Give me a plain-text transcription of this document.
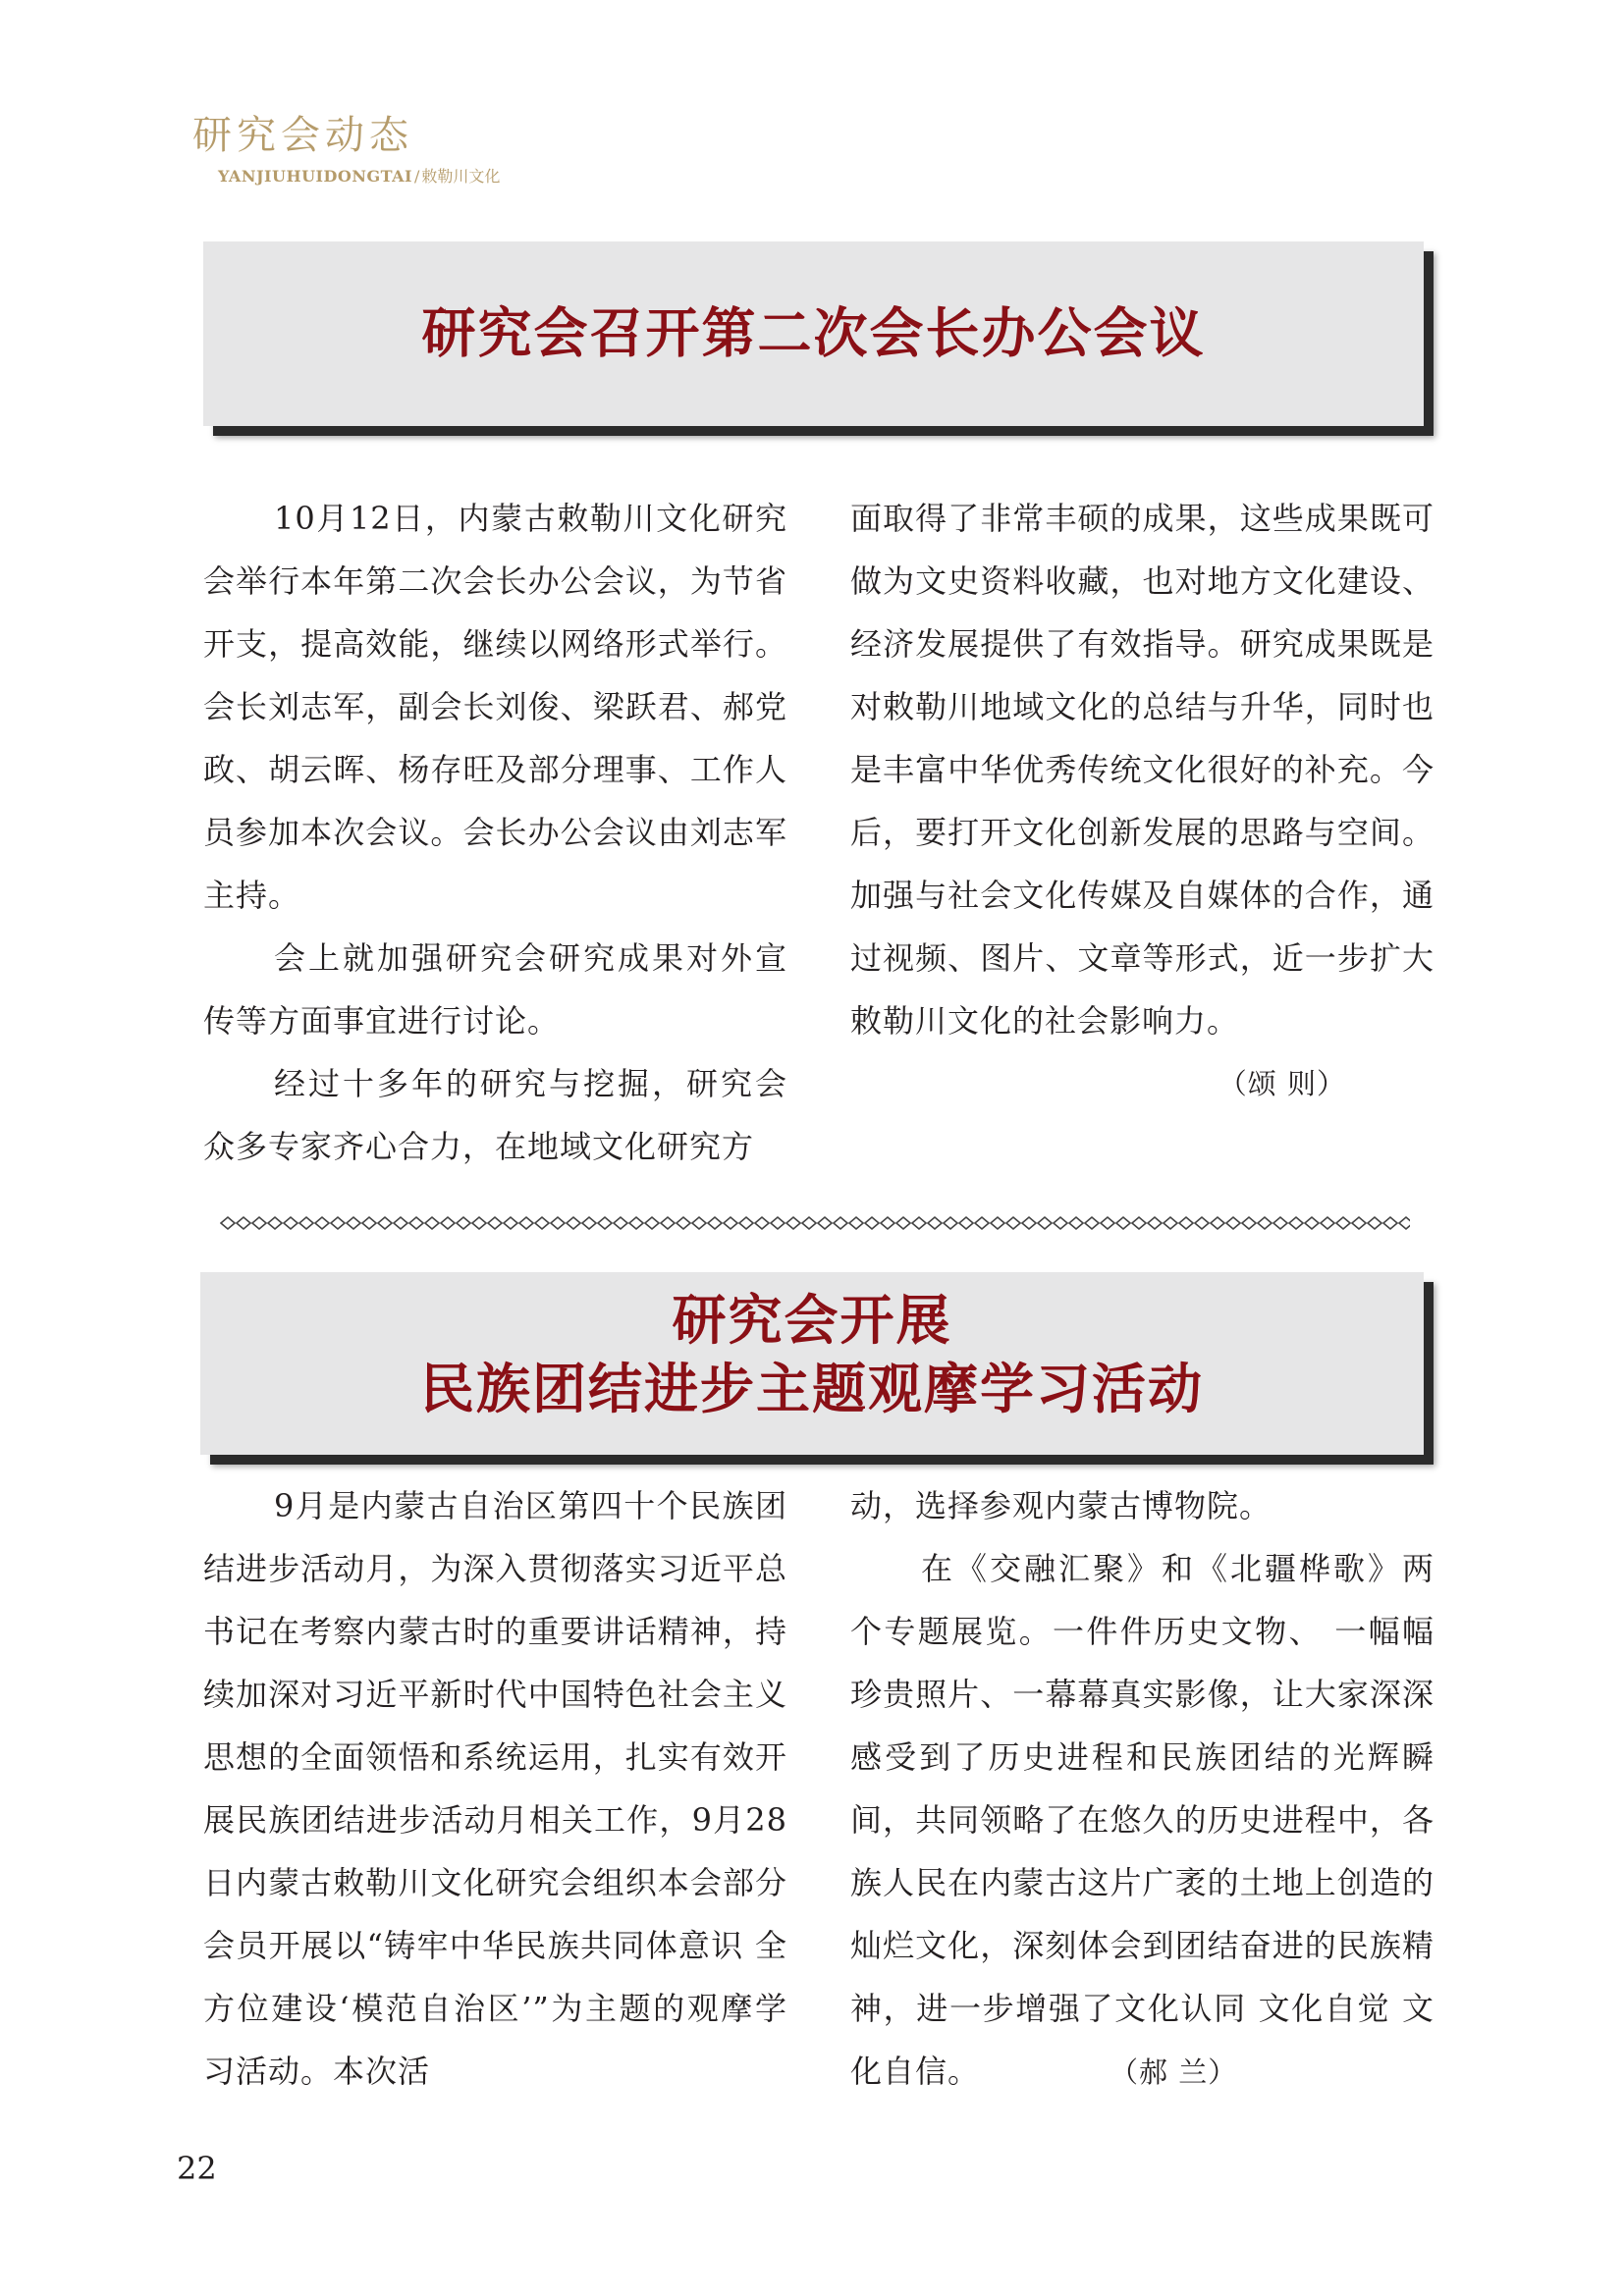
研究会动态
YANJIUHUIDONGTAI / 敕勒川文化
研究会召开第二次会长办公会议

10月12日，内蒙古敕勒川文化研究会举行本年第二次会长办公会议，为节省开支，提高效能，继续以网络形式举行。会长刘志军，副会长刘俊、梁跃君、郝党政、胡云晖、杨存旺及部分理事、工作人员参加本次会议。会长办公会议由刘志军主持。

会上就加强研究会研究成果对外宣传等方面事宜进行讨论。

经过十多年的研究与挖掘，研究会众多专家齐心合力，在地域文化研究方

面取得了非常丰硕的成果，这些成果既可做为文史资料收藏，也对地方文化建设、经济发展提供了有效指导。研究成果既是对敕勒川地域文化的总结与升华，同时也是丰富中华优秀传统文化很好的补充。今后，要打开文化创新发展的思路与空间。加强与社会文化传媒及自媒体的合作，通过视频、图片、文章等形式，近一步扩大敕勒川文化的社会影响力。

（颂 则）

研究会开展
民族团结进步主题观摩学习活动

9月是内蒙古自治区第四十个民族团结进步活动月，为深入贯彻落实习近平总书记在考察内蒙古时的重要讲话精神，持续加深对习近平新时代中国特色社会主义思想的全面领悟和系统运用，扎实有效开展民族团结进步活动月相关工作，9月28日内蒙古敕勒川文化研究会组织本会部分会员开展以“铸牢中华民族共同体意识 全方位建设‘模范自治区’”为主题的观摩学习活动。本次活

动，选择参观内蒙古博物院。

在《交融汇聚》和《北疆桦歌》两个专题展览。一件件历史文物、 一幅幅珍贵照片、一幕幕真实影像，让大家深深感受到了历史进程和民族团结的光辉瞬间，共同领略了在悠久的历史进程中，各族人民在内蒙古这片广袤的土地上创造的灿烂文化，深刻体会到团结奋进的民族精神，进一步增强了文化认同 文化自觉 文化自信。	（郝 兰）

22
